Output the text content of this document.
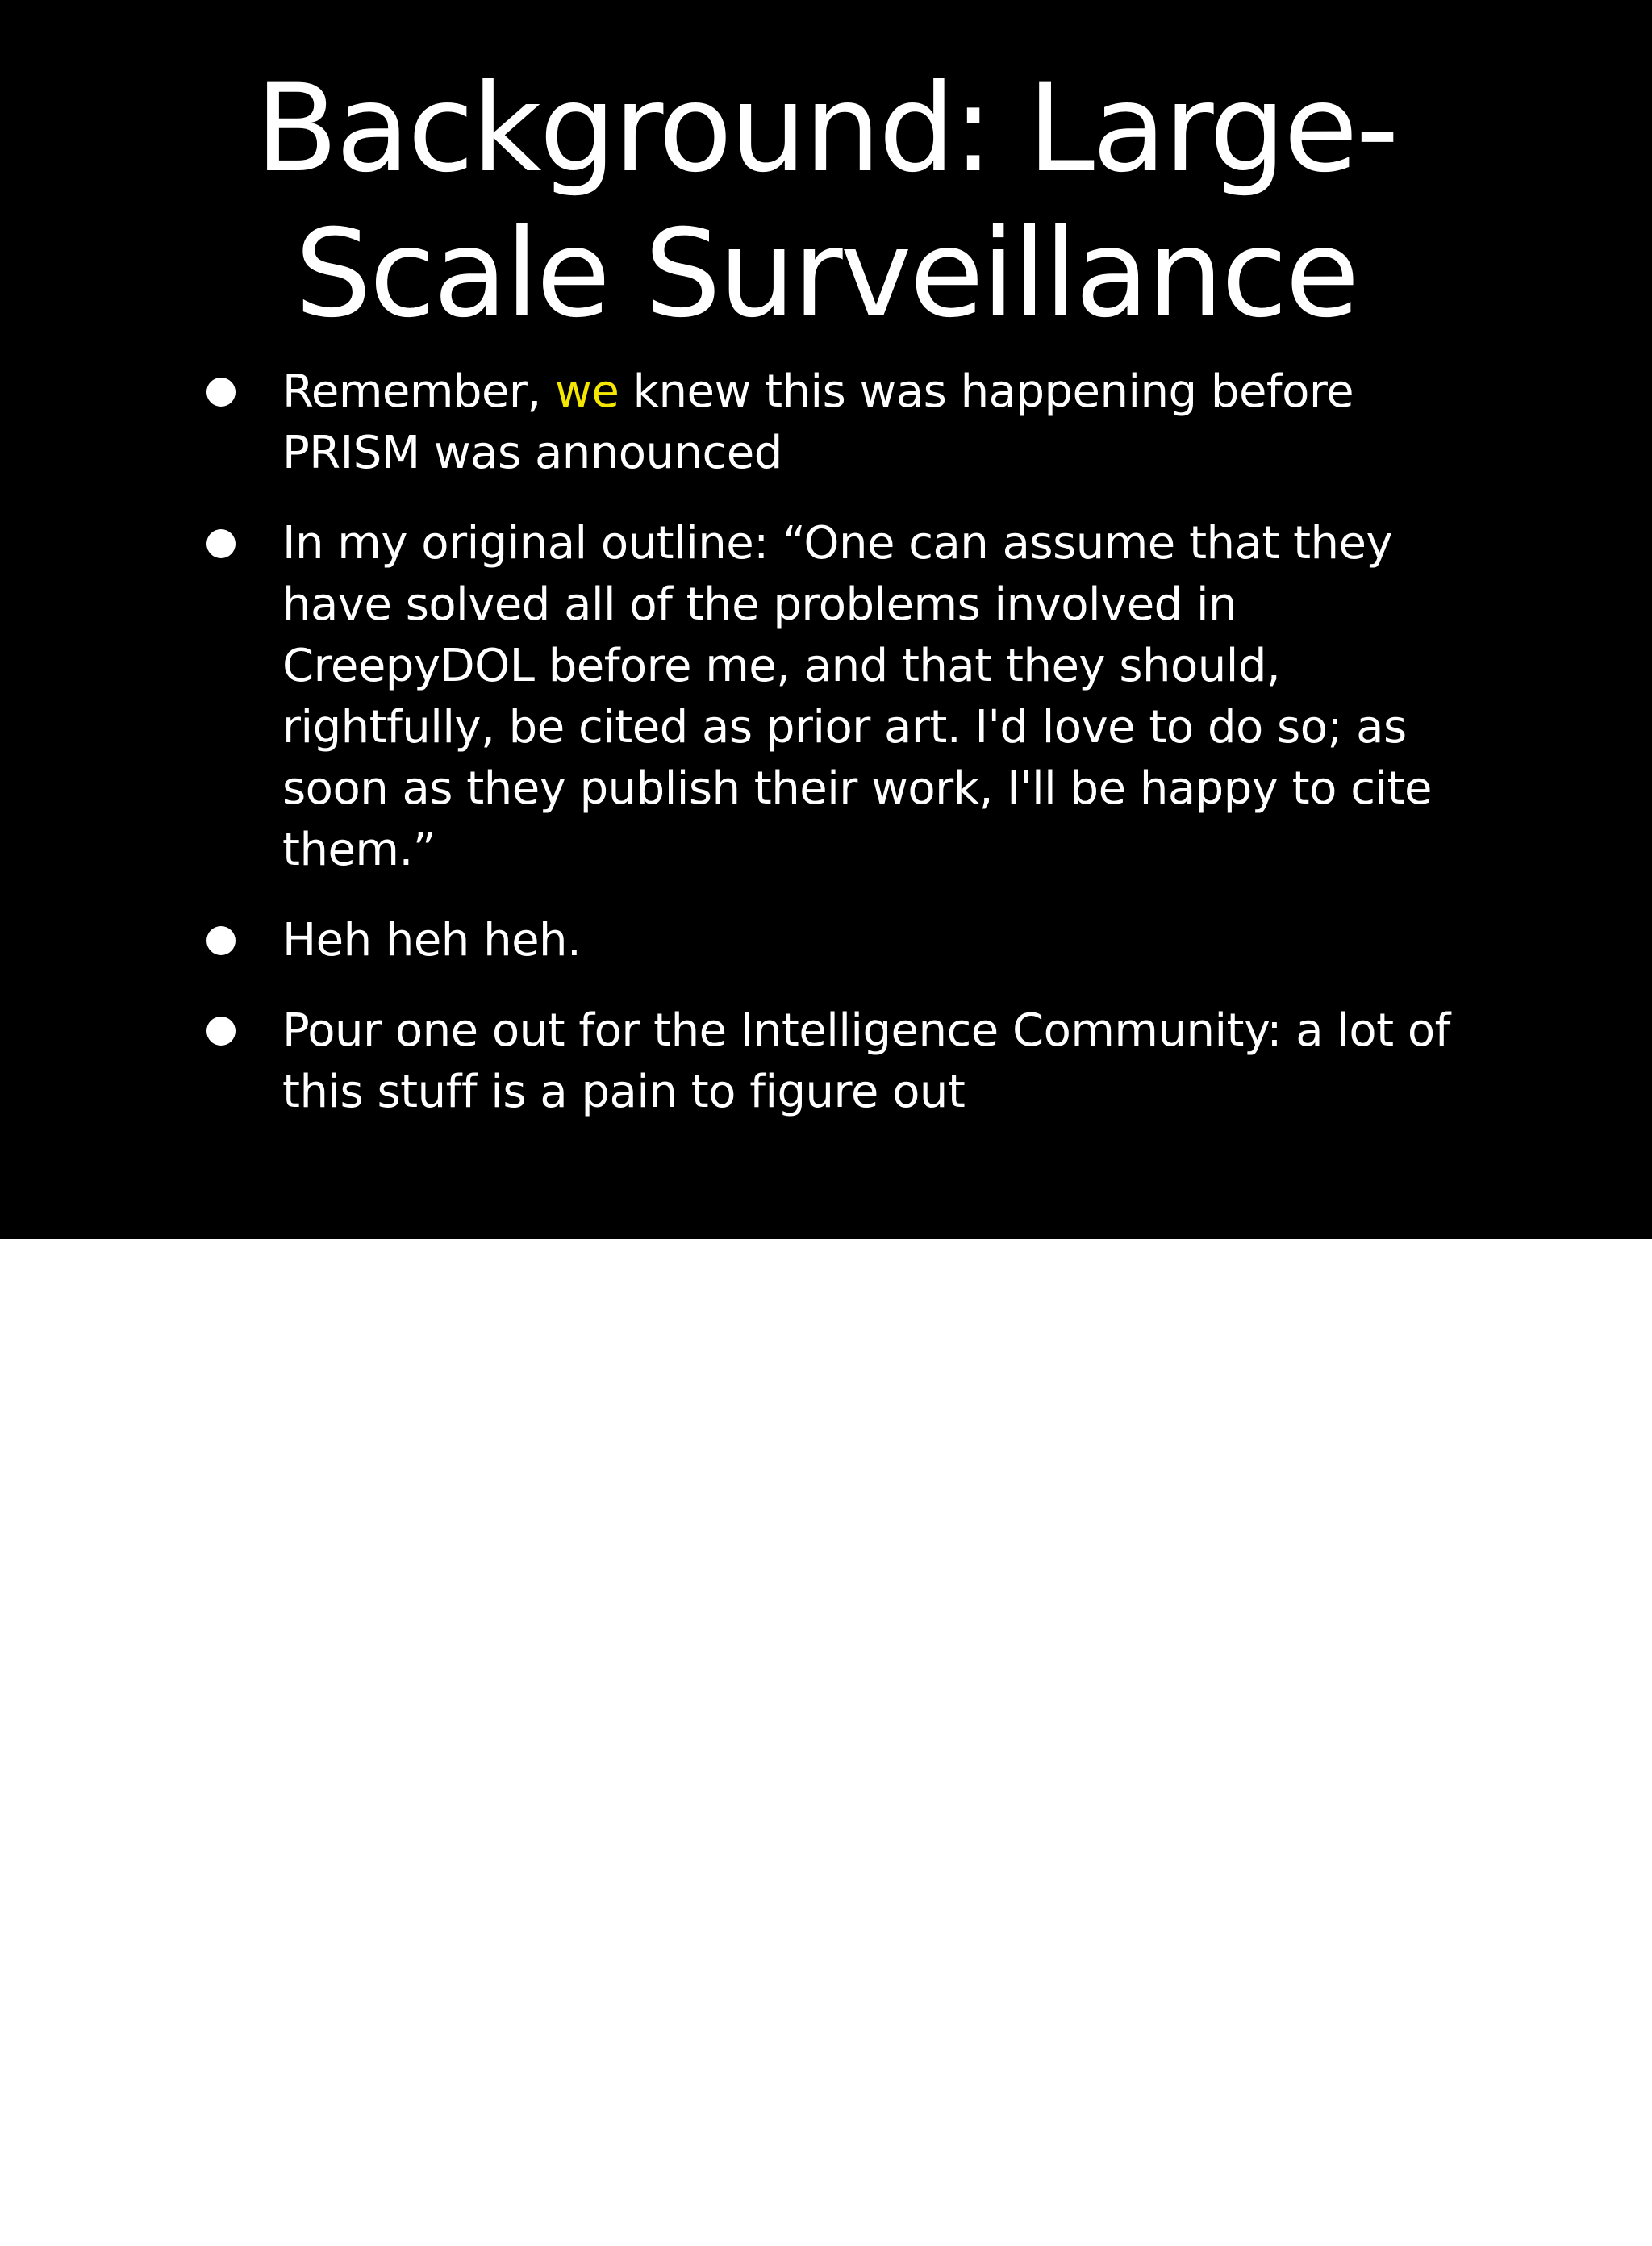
Background: Large-
Scale Surveillance
Remember, we knew this was happening before PRISM was announced
In my original outline: “One can assume that they have solved all of the problems involved in CreepyDOL before me, and that they should, rightfully, be cited as prior art. I'd love to do so; as soon as they publish their work, I'll be happy to cite them.”
Heh heh heh.
Pour one out for the Intelligence Community: a lot of this stuff is a pain to figure out
